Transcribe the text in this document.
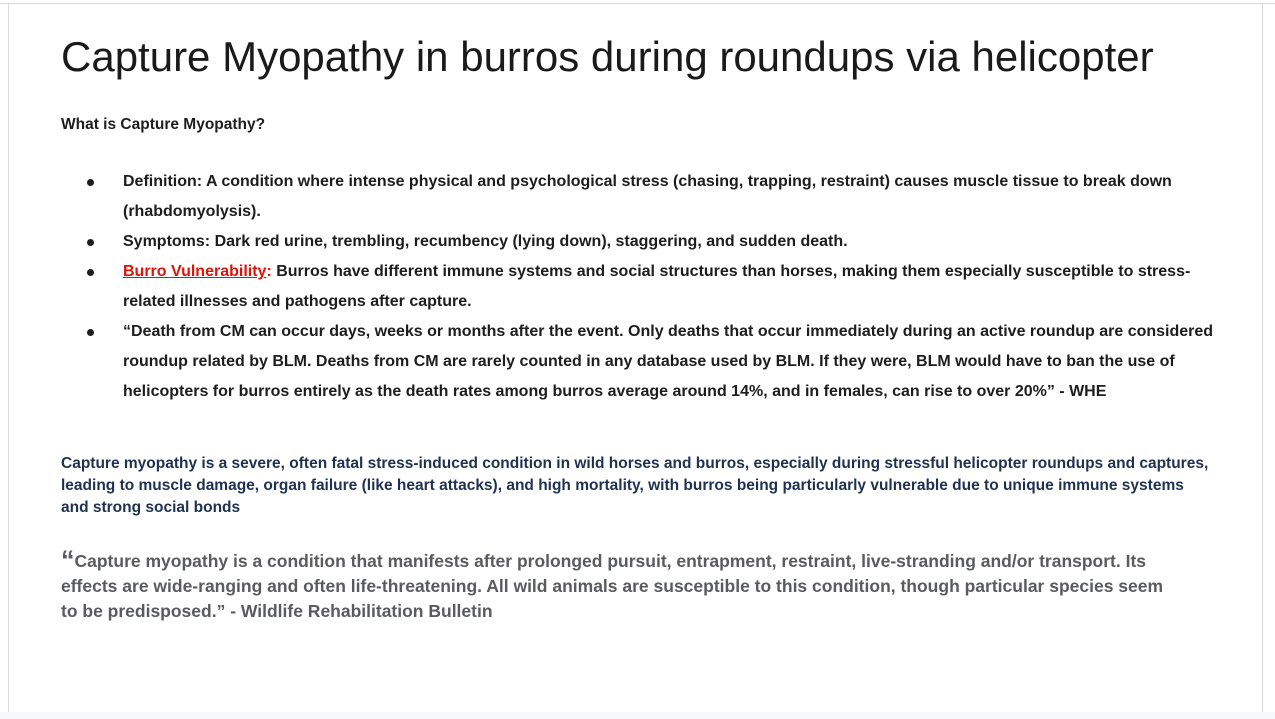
Capture Myopathy in burros during roundups via helicopter

What is Capture Myopathy?

Definition: A condition where intense physical and psychological stress (chasing, trapping, restraint) causes muscle tissue to break down (rhabdomyolysis).
Symptoms: Dark red urine, trembling, recumbency (lying down), staggering, and sudden death.
Burro Vulnerability: Burros have different immune systems and social structures than horses, making them especially susceptible to stress-related illnesses and pathogens after capture.
“Death from CM can occur days, weeks or months after the event. Only deaths that occur immediately during an active roundup are considered roundup related by BLM. Deaths from CM are rarely counted in any database used by BLM. If they were, BLM would have to ban the use of helicopters for burros entirely as the death rates among burros average around 14%, and in females, can rise to over 20%” - WHE

Capture myopathy is a severe, often fatal stress-induced condition in wild horses and burros, especially during stressful helicopter roundups and captures, leading to muscle damage, organ failure (like heart attacks), and high mortality, with burros being particularly vulnerable due to unique immune systems and strong social bonds

“Capture myopathy is a condition that manifests after prolonged pursuit, entrapment, restraint, live-stranding and/or transport. Its effects are wide-ranging and often life-threatening. All wild animals are susceptible to this condition, though particular species seem to be predisposed.” - Wildlife Rehabilitation Bulletin
